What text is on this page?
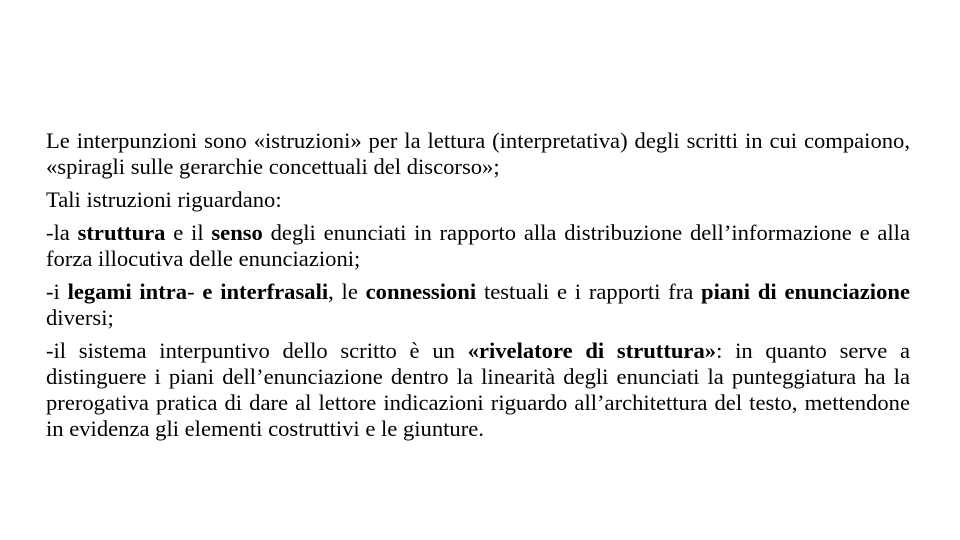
Le interpunzioni sono «istruzioni» per la lettura (interpretativa) degli scritti in cui compaiono, «spiragli sulle gerarchie concettuali del discorso»;

Tali istruzioni riguardano:

-la struttura e il senso degli enunciati in rapporto alla distribuzione dell’informazione e alla forza illocutiva delle enunciazioni;

-i legami intra- e interfrasali, le connessioni testuali e i rapporti fra piani di enunciazione diversi;

-il sistema interpuntivo dello scritto è un «rivelatore di struttura»: in quanto serve a distinguere i piani dell’enunciazione dentro la linearità degli enunciati la punteggiatura ha la prerogativa pratica di dare al lettore indicazioni riguardo all’architettura del testo, mettendone in evidenza gli elementi costruttivi e le giunture.
